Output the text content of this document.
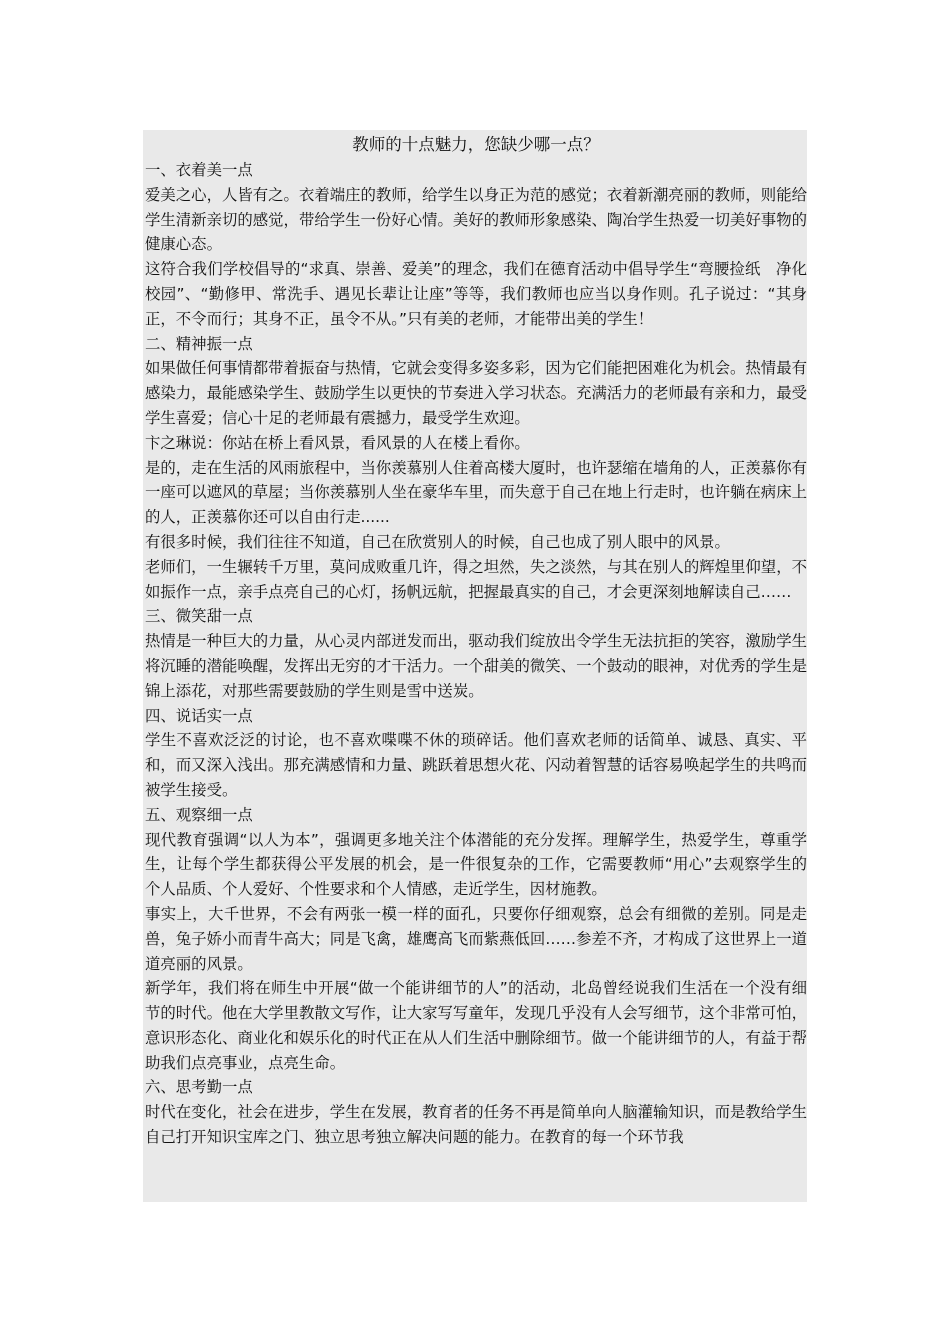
教师的十点魅力，您缺少哪一点？
一、衣着美一点
爱美之心，人皆有之。衣着端庄的教师，给学生以身正为范的感觉；衣着新潮亮丽的教师，则能给学生清新亲切的感觉，带给学生一份好心情。美好的教师形象感染、陶冶学生热爱一切美好事物的健康心态。
这符合我们学校倡导的“求真、崇善、爱美”的理念，我们在德育活动中倡导学生“弯腰捡纸　净化校园”、“勤修甲、常洗手、遇见长辈让让座”等等，我们教师也应当以身作则。孔子说过：“其身正，不令而行；其身不正，虽令不从。”只有美的老师，才能带出美的学生！
二、精神振一点
如果做任何事情都带着振奋与热情，它就会变得多姿多彩，因为它们能把困难化为机会。热情最有感染力，最能感染学生、鼓励学生以更快的节奏进入学习状态。充满活力的老师最有亲和力，最受学生喜爱；信心十足的老师最有震撼力，最受学生欢迎。
卞之琳说：你站在桥上看风景，看风景的人在楼上看你。
是的，走在生活的风雨旅程中，当你羡慕别人住着高楼大厦时，也许瑟缩在墙角的人，正羡慕你有一座可以遮风的草屋；当你羡慕别人坐在豪华车里，而失意于自己在地上行走时，也许躺在病床上的人，正羡慕你还可以自由行走......
有很多时候，我们往往不知道，自己在欣赏别人的时候，自己也成了别人眼中的风景。
老师们，一生辗转千万里，莫问成败重几许，得之坦然，失之淡然，与其在别人的辉煌里仰望，不如振作一点，亲手点亮自己的心灯，扬帆远航，把握最真实的自己，才会更深刻地解读自己……
三、微笑甜一点
热情是一种巨大的力量，从心灵内部迸发而出，驱动我们绽放出令学生无法抗拒的笑容，激励学生将沉睡的潜能唤醒，发挥出无穷的才干活力。一个甜美的微笑、一个鼓动的眼神，对优秀的学生是锦上添花，对那些需要鼓励的学生则是雪中送炭。
四、说话实一点
学生不喜欢泛泛的讨论，也不喜欢喋喋不休的琐碎话。他们喜欢老师的话简单、诚恳、真实、平和，而又深入浅出。那充满感情和力量、跳跃着思想火花、闪动着智慧的话容易唤起学生的共鸣而被学生接受。
五、观察细一点
现代教育强调“以人为本”，强调更多地关注个体潜能的充分发挥。理解学生，热爱学生，尊重学生，让每个学生都获得公平发展的机会，是一件很复杂的工作，它需要教师“用心”去观察学生的个人品质、个人爱好、个性要求和个人情感，走近学生，因材施教。
事实上，大千世界，不会有两张一模一样的面孔，只要你仔细观察，总会有细微的差别。同是走兽，兔子娇小而青牛高大；同是飞禽，雄鹰高飞而紫燕低回……参差不齐，才构成了这世界上一道道亮丽的风景。
新学年，我们将在师生中开展“做一个能讲细节的人”的活动，北岛曾经说我们生活在一个没有细节的时代。他在大学里教散文写作，让大家写写童年，发现几乎没有人会写细节，这个非常可怕，意识形态化、商业化和娱乐化的时代正在从人们生活中删除细节。做一个能讲细节的人，有益于帮助我们点亮事业，点亮生命。
六、思考勤一点
时代在变化，社会在进步，学生在发展，教育者的任务不再是简单向人脑灌输知识，而是教给学生自己打开知识宝库之门、独立思考独立解决问题的能力。在教育的每一个环节我
